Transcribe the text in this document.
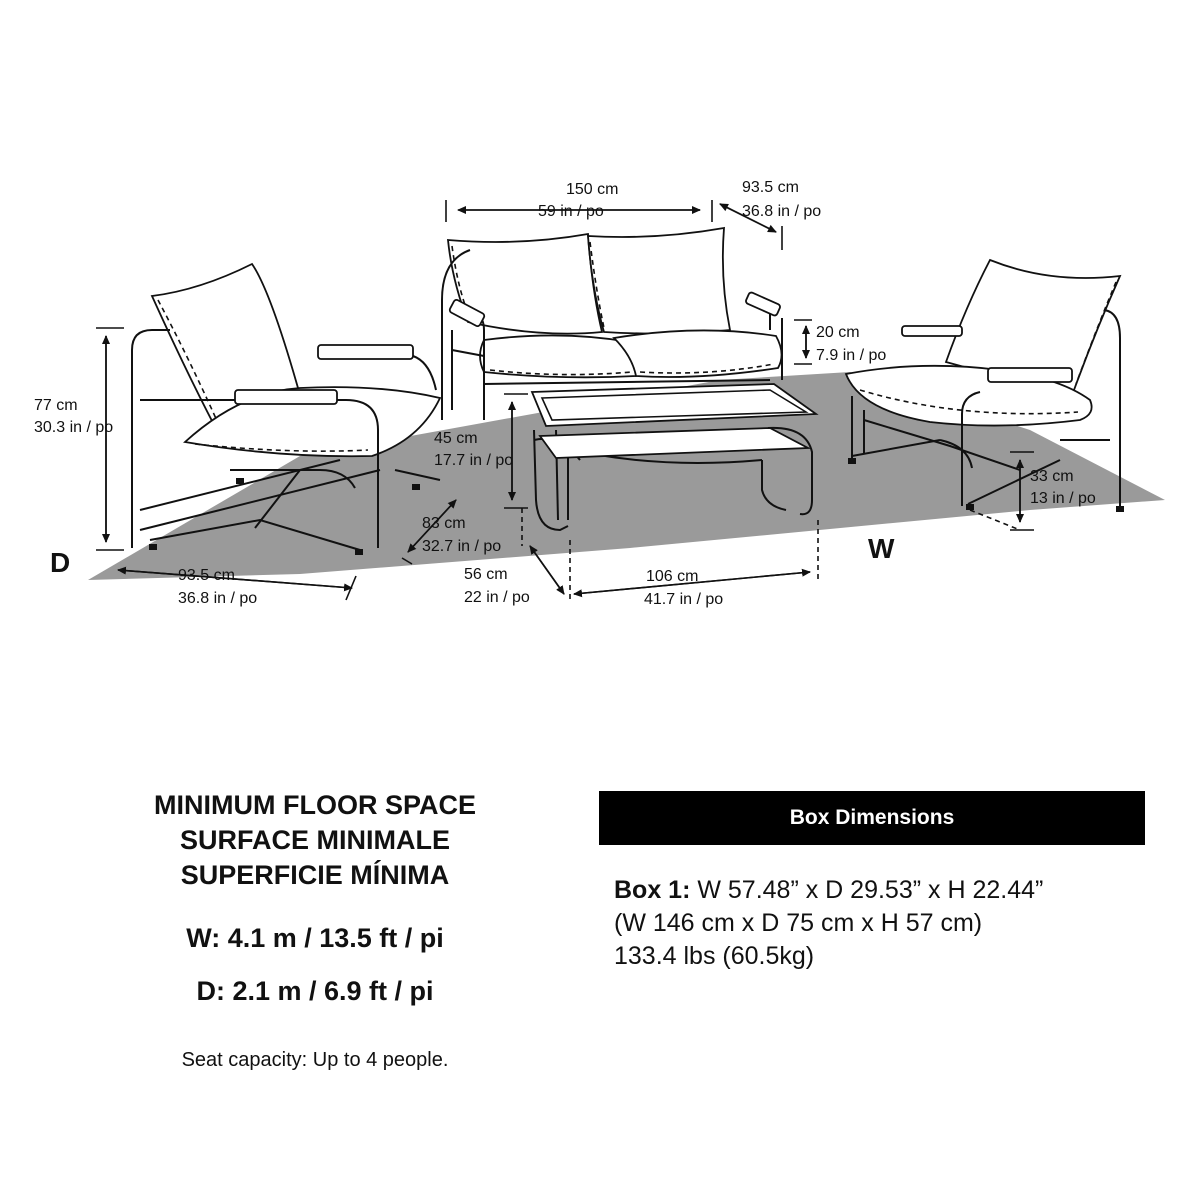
D	W
150 cm
59 in / po
93.5 cm
36.8 in / po
20 cm
7.9 in / po
77 cm
30.3 in / po
45 cm
17.7 in / po
83 cm
32.7 in / po
93.5 cm
36.8 in / po
56 cm
22 in / po
106 cm
41.7 in / po
33 cm
13 in / po
MINIMUM FLOOR SPACE
SURFACE MINIMALE
SUPERFICIE MÍNIMA
W: 4.1 m / 13.5 ft / pi
D: 2.1 m / 6.9 ft / pi
Seat capacity: Up to 4 people.
Box Dimensions
Box 1: W 57.48” x D 29.53” x H 22.44”
(W 146 cm x D 75 cm x H 57 cm)
133.4 lbs (60.5kg)
